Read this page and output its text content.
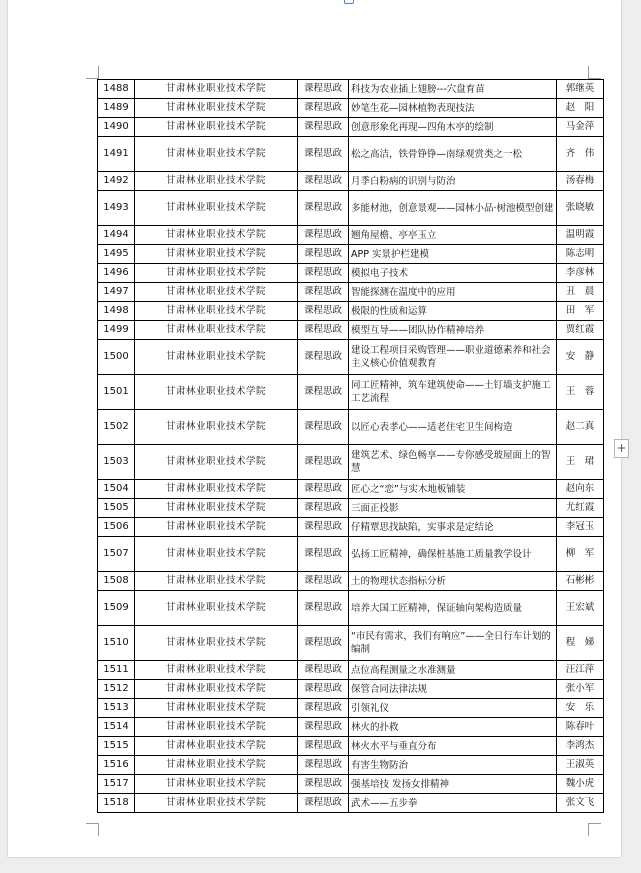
+
1488	甘肃林业职业技术学院	课程思政	科技为农业插上翅膀---穴盘育苗	郭继英
1489	甘肃林业职业技术学院	课程思政	妙笔生花—园林植物表现技法	赵　阳
1490	甘肃林业职业技术学院	课程思政	创意形象化再现—四角木亭的绘制	马金萍
1491	甘肃林业职业技术学院	课程思政	松之高洁，铁骨铮铮—南绿观赏类之一松	齐　伟
1492	甘肃林业职业技术学院	课程思政	月季白粉病的识别与防治	汤春梅
1493	甘肃林业职业技术学院	课程思政	多能材池，创意景观——园林小品·树池模型创建	张晓敏
1494	甘肃林业职业技术学院	课程思政	翘角屋檐、亭亭玉立	温明霞
1495	甘肃林业职业技术学院	课程思政	APP 实景护栏建模	陈志明
1496	甘肃林业职业技术学院	课程思政	模拟电子技术	李彦林
1497	甘肃林业职业技术学院	课程思政	智能探测在温度中的应用	丑　晨
1498	甘肃林业职业技术学院	课程思政	极限的性质和运算	田　军
1499	甘肃林业职业技术学院	课程思政	模型互导——团队协作精神培养	贾红霞
1500	甘肃林业职业技术学院	课程思政	建设工程项目采购管理——职业道德素养和社会主义核心价值观教育	安　静
1501	甘肃林业职业技术学院	课程思政	同工匠精神，筑车建筑使命——土钉墙支护施工工艺流程	王　蓉
1502	甘肃林业职业技术学院	课程思政	以匠心表孝心——适老住宅卫生间构造	赵二真
1503	甘肃林业职业技术学院	课程思政	建筑艺术、绿色畅享——专你感受玻屋面上的智慧	王　珺
1504	甘肃林业职业技术学院	课程思政	匠心之“恋”与实木地板铺装	赵向东
1505	甘肃林业职业技术学院	课程思政	三面正投影	尤红霞
1506	甘肃林业职业技术学院	课程思政	仔精覃思找缺陷，实事求是定结论	李冠玉
1507	甘肃林业职业技术学院	课程思政	弘扬工匠精神，确保桩基施工质量教学设计	柳　军
1508	甘肃林业职业技术学院	课程思政	土的物理状态指标分析	石彬彬
1509	甘肃林业职业技术学院	课程思政	培养大国工匠精神，保证轴向架构造质量	王宏斌
1510	甘肃林业职业技术学院	课程思政	“市民有需求，我们有响应”——全日行车计划的编制	程　娣
1511	甘肃林业职业技术学院	课程思政	点位高程测量之水准测量	汪江萍
1512	甘肃林业职业技术学院	课程思政	保管合同法律法规	张小军
1513	甘肃林业职业技术学院	课程思政	引领礼仪	安　乐
1514	甘肃林业职业技术学院	课程思政	林火的扑救	陈春叶
1515	甘肃林业职业技术学院	课程思政	林火水平与垂直分布	李鸿杰
1516	甘肃林业职业技术学院	课程思政	有害生物防治	王淑英
1517	甘肃林业职业技术学院	课程思政	强基培技 发扬女排精神	魏小虎
1518	甘肃林业职业技术学院	课程思政	武术——五步拳	张文飞
